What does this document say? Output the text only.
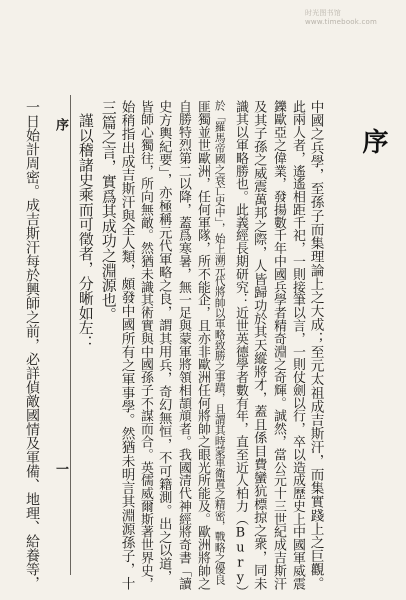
时光图书馆 www.timebook.com
序
序
一	中國之兵學，至孫子而集理論上之大成；至元太祖成吉斯汗，而集實踐上之巨觀。
此兩人者，遙遙相距千祀，一則接筆以言，一則仗劍以行，卒以造成歷史上中國軍威震
鑠歐亞之偉業，發揚數千年中國兵學者精奇淵之奇輝。誠然，當公元十三世紀成吉斯汗
及其子孫之威震萬邦之際，人皆歸功於其天縱將才，蓋且係目費蠻犺標掠之衆，同未
識其以軍略勝也。此義經長期研究：近世英德學者數有年，直至近人柏力（Bury）
於「羅馬帝國之衰亡史中」，始上溯元代將帥以軍略致勝之事蹟，且謂其時蒙軍衛置之精密，戰略之優良
匪獨並世歐洲，任何軍隊，所不能企，且亦非歐洲任何將帥之眼光所能及。歐洲將帥之
自勝特烈第二以降，蓋爲寒暑，無一足與蒙軍將領相頡頏者。我國清代神經將奇書「讀
史方輿紀要」，亦極稱元代軍略之良，謂其用兵，奇幻無恒，不可籍測。出之以道，
皆師心獨往，所向無敵。然猶未識其術實與中國孫子不謀而合。英儒威爾斯著世界史，
始稍指出成吉斯汗與全人類，頗發中國所有之軍事學。然猶未明言其淵源孫子，十
三篇之言，實爲其成功之淵源也。
謹以稽諸史乘而可徵者，分晰如左：
一日始計周密。成吉斯汗每於興師之前，必詳偵敵國情及軍備、地理、給養等，
